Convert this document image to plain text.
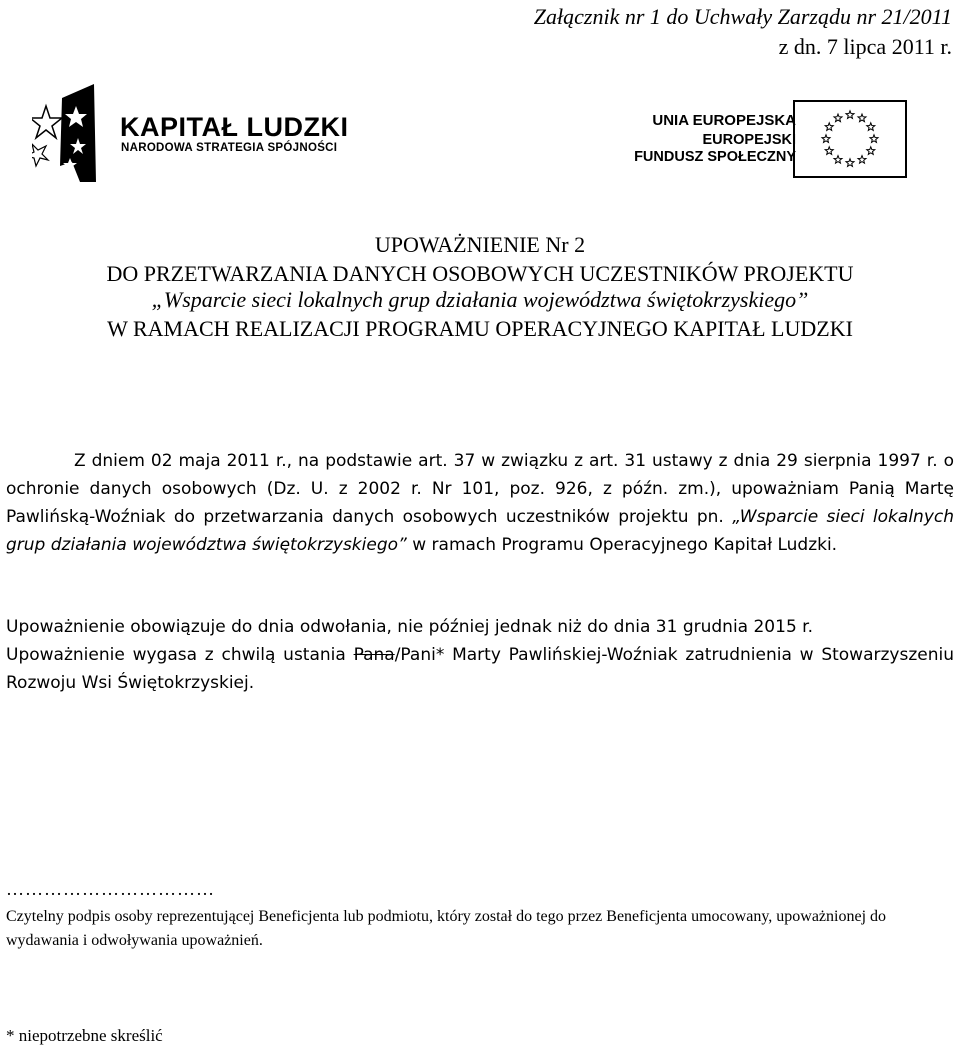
Załącznik nr 1 do Uchwały Zarządu nr 21/2011
z dn. 7 lipca 2011 r.
KAPITAŁ LUDZKI
NARODOWA STRATEGIA SPÓJNOŚCI
UNIA EUROPEJSKA
EUROPEJSKI
FUNDUSZ SPOŁECZNY
UPOWAŻNIENIE Nr 2
DO PRZETWARZANIA DANYCH OSOBOWYCH UCZESTNIKÓW PROJEKTU
„Wsparcie sieci lokalnych grup działania województwa świętokrzyskiego”
W RAMACH REALIZACJI PROGRAMU OPERACYJNEGO KAPITAŁ LUDZKI
Z dniem 02 maja 2011 r., na podstawie art. 37 w związku z art. 31 ustawy z dnia 29 sierpnia 1997 r. o ochronie danych osobowych (Dz. U. z 2002 r. Nr 101, poz. 926, z późn. zm.), upoważniam Panią Martę Pawlińską-Woźniak do przetwarzania danych osobowych uczestników projektu pn. „Wsparcie sieci lokalnych grup działania województwa świętokrzyskiego” w ramach Programu Operacyjnego Kapitał Ludzki.
Upoważnienie obowiązuje do dnia odwołania, nie później jednak niż do dnia 31 grudnia 2015 r.
Upoważnienie wygasa z chwilą ustania Pana/Pani* Marty Pawlińskiej-Woźniak zatrudnienia w Stowarzyszeniu Rozwoju Wsi Świętokrzyskiej.
……………………………
Czytelny podpis osoby reprezentującej Beneficjenta lub podmiotu, który został do tego przez Beneficjenta umocowany, upoważnionej do wydawania i odwoływania upoważnień.
* niepotrzebne skreślić
